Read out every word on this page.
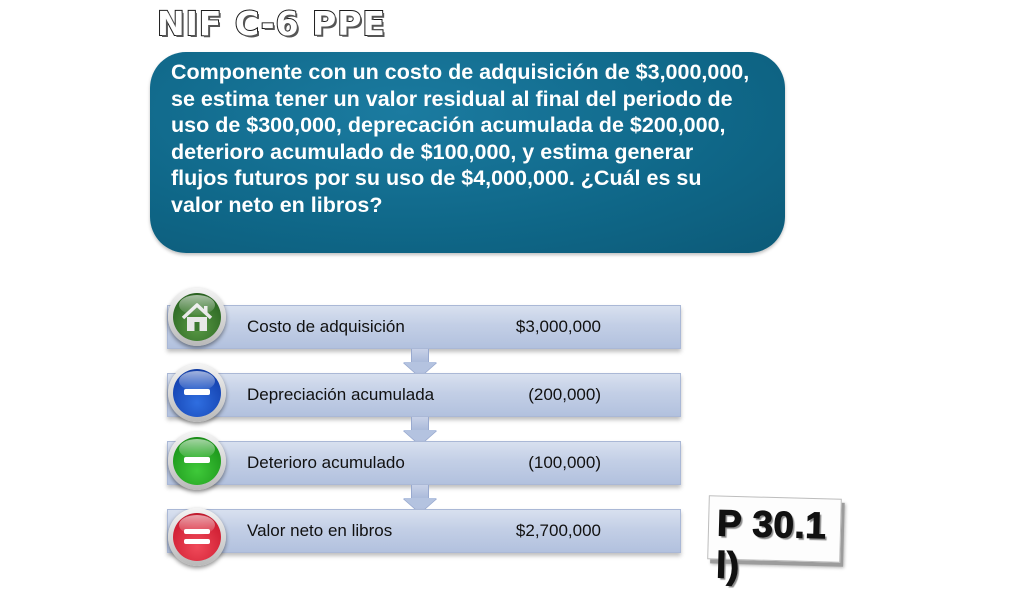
NIF C-6 PPE

Componente con un costo de adquisición de $3,000,000, se estima tener un valor residual al final del periodo de uso de $300,000, deprecación acumulada de $200,000, deterioro acumulado de $100,000, y estima generar flujos futuros por su uso de $4,000,000. ¿Cuál es su valor neto en libros?

Costo de adquisición	$3,000,000
Depreciación acumulada	(200,000)
Deterioro acumulado	(100,000)
Valor neto en libros	$2,700,000	P 30.1 l)
